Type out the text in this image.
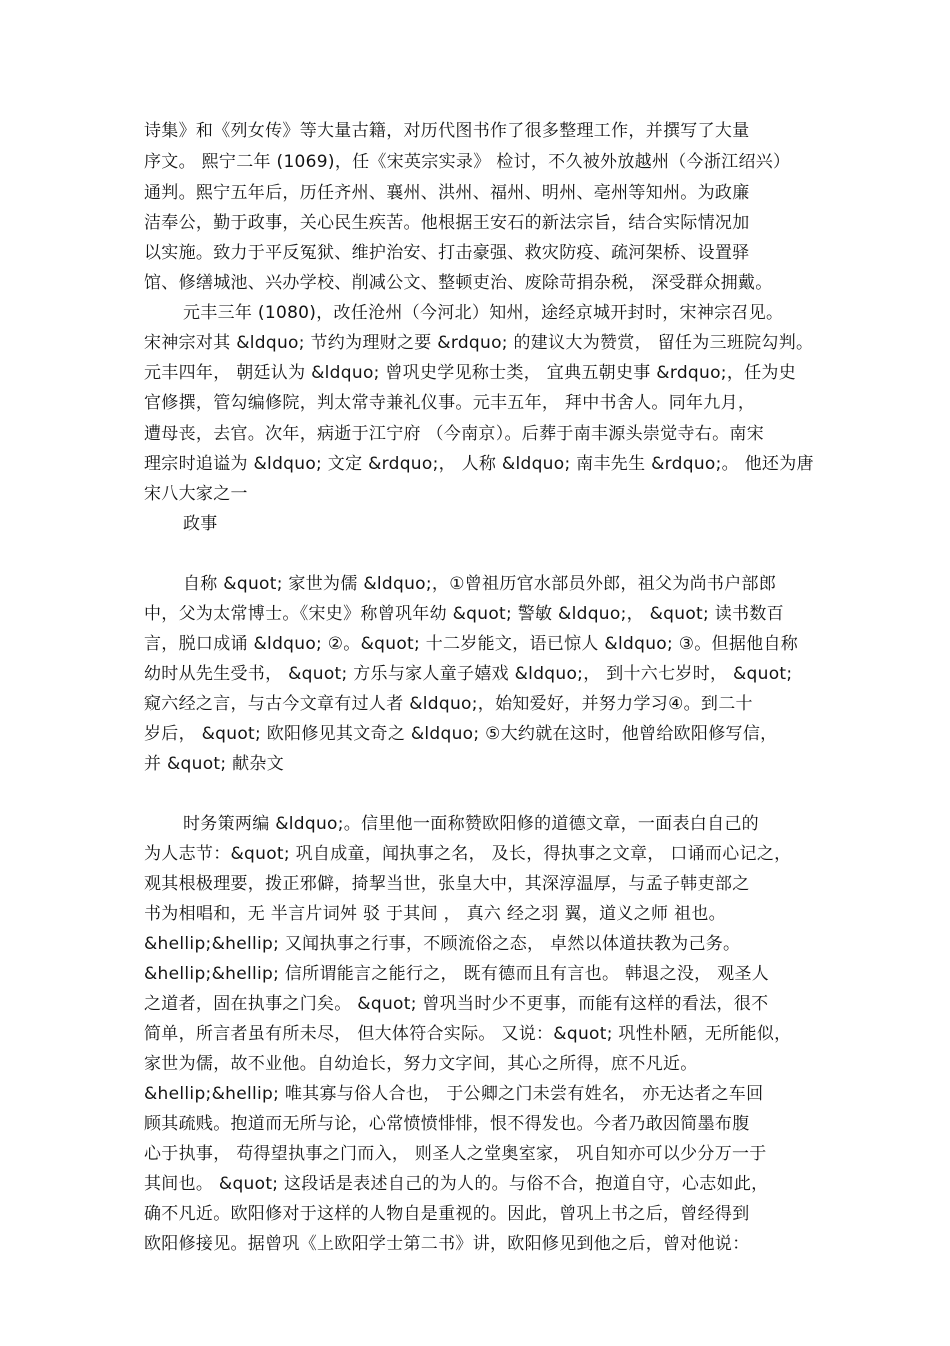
诗集》和《列女传》等大量古籍，对历代图书作了很多整理工作，并撰写了大量
序文。 熙宁二年 (1069)，任《宋英宗实录》 检讨，不久被外放越州（今浙江绍兴）
通判。熙宁五年后，历任齐州、襄州、洪州、福州、明州、亳州等知州。为政廉
洁奉公，勤于政事，关心民生疾苦。他根据王安石的新法宗旨，结合实际情况加
以实施。致力于平反冤狱、维护治安、打击豪强、救灾防疫、疏河架桥、设置驿
馆、修缮城池、兴办学校、削减公文、整顿吏治、废除苛捐杂税， 深受群众拥戴。
元丰三年 (1080)，改任沧州（今河北）知州，途经京城开封时，宋神宗召见。
宋神宗对其 &ldquo; 节约为理财之要 &rdquo; 的建议大为赞赏， 留任为三班院勾判。
元丰四年， 朝廷认为 &ldquo; 曾巩史学见称士类， 宜典五朝史事 &rdquo;，任为史
官修撰，管勾编修院，判太常寺兼礼仪事。元丰五年， 拜中书舍人。同年九月，
遭母丧，去官。次年，病逝于江宁府 （今南京）。后葬于南丰源头崇觉寺右。南宋
理宗时追谥为 &ldquo; 文定 &rdquo;， 人称 &ldquo; 南丰先生 &rdquo;。 他还为唐
宋八大家之一
政事
自称 &quot; 家世为儒 &ldquo;，①曾祖历官水部员外郎，祖父为尚书户部郎
中，父为太常博士。《宋史》称曾巩年幼 &quot; 警敏 &ldquo;， &quot; 读书数百
言，脱口成诵 &ldquo; ②。&quot; 十二岁能文，语已惊人 &ldquo; ③。但据他自称
幼时从先生受书， &quot; 方乐与家人童子嬉戏 &ldquo;， 到十六七岁时， &quot;
窥六经之言，与古今文章有过人者 &ldquo;，始知爱好，并努力学习④。到二十
岁后， &quot; 欧阳修见其文奇之 &ldquo; ⑤大约就在这时，他曾给欧阳修写信，
并 &quot; 献杂文
时务策两编 &ldquo;。信里他一面称赞欧阳修的道德文章，一面表白自己的
为人志节：&quot; 巩自成童，闻执事之名， 及长，得执事之文章， 口诵而心记之，
观其根极理要，拨正邪僻，掎挈当世，张皇大中，其深淳温厚，与孟子韩吏部之
书为相唱和，无 半言片词舛 驳 于其间 ， 真六 经之羽 翼，道义之师 祖也。
&hellip;&hellip; 又闻执事之行事，不顾流俗之态， 卓然以体道扶教为己务。
&hellip;&hellip; 信所谓能言之能行之， 既有德而且有言也。 韩退之没， 观圣人
之道者，固在执事之门矣。 &quot; 曾巩当时少不更事，而能有这样的看法，很不
简单，所言者虽有所未尽， 但大体符合实际。 又说：&quot; 巩性朴陋，无所能似，
家世为儒，故不业他。自幼迨长，努力文字间，其心之所得，庶不凡近。
&hellip;&hellip; 唯其寡与俗人合也， 于公卿之门未尝有姓名， 亦无达者之车回
顾其疏贱。抱道而无所与论，心常愤愤悱悱，恨不得发也。今者乃敢因简墨布腹
心于执事， 苟得望执事之门而入， 则圣人之堂奥室家， 巩自知亦可以少分万一于
其间也。 &quot; 这段话是表述自己的为人的。与俗不合，抱道自守，心志如此，
确不凡近。欧阳修对于这样的人物自是重视的。因此，曾巩上书之后，曾经得到
欧阳修接见。据曾巩《上欧阳学士第二书》讲，欧阳修见到他之后，曾对他说：
